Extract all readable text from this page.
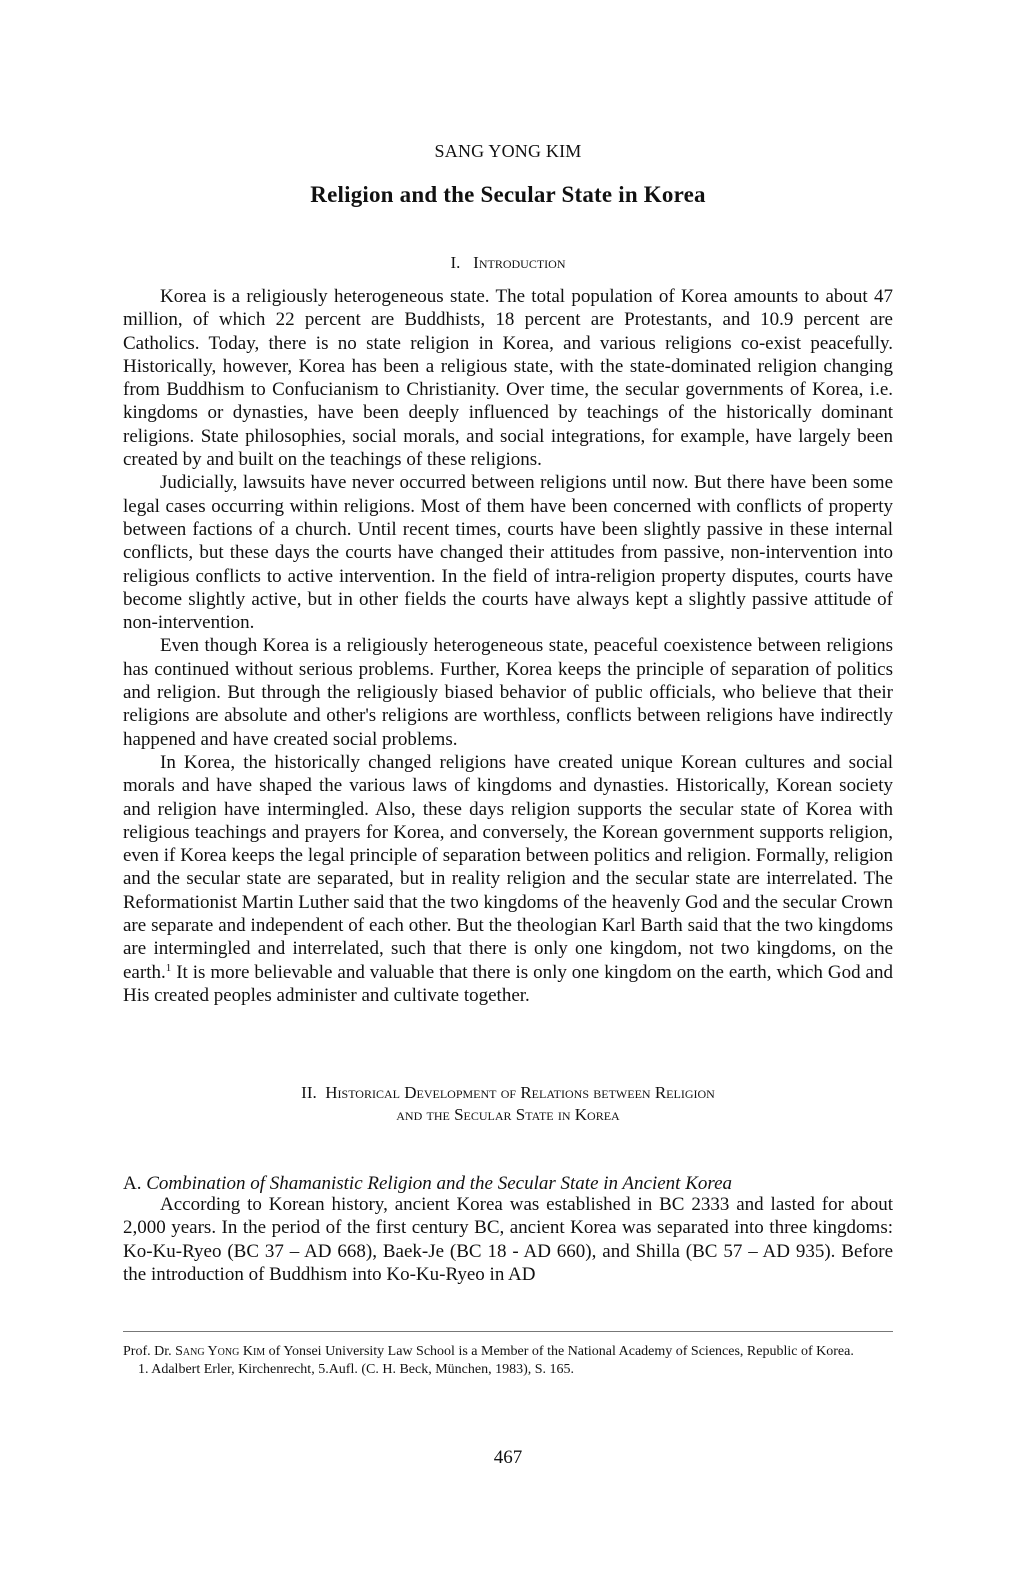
SANG YONG KIM
Religion and the Secular State in Korea
I. Introduction

Korea is a religiously heterogeneous state. The total population of Korea amounts to about 47 million, of which 22 percent are Buddhists, 18 percent are Protestants, and 10.9 percent are Catholics. Today, there is no state religion in Korea, and various religions co-exist peacefully. Historically, however, Korea has been a religious state, with the state-dominated religion changing from Buddhism to Confucianism to Christianity. Over time, the secular governments of Korea, i.e. kingdoms or dynasties, have been deeply influenced by teachings of the historically dominant religions. State philosophies, social morals, and social integrations, for example, have largely been created by and built on the teachings of these religions.

Judicially, lawsuits have never occurred between religions until now. But there have been some legal cases occurring within religions. Most of them have been concerned with conflicts of property between factions of a church. Until recent times, courts have been slightly passive in these internal conflicts, but these days the courts have changed their attitudes from passive, non-intervention into religious conflicts to active intervention. In the field of intra-religion property disputes, courts have become slightly active, but in other fields the courts have always kept a slightly passive attitude of non-intervention.

Even though Korea is a religiously heterogeneous state, peaceful coexistence between religions has continued without serious problems. Further, Korea keeps the principle of separation of politics and religion. But through the religiously biased behavior of public officials, who believe that their religions are absolute and other's religions are worthless, conflicts between religions have indirectly happened and have created social problems.

In Korea, the historically changed religions have created unique Korean cultures and social morals and have shaped the various laws of kingdoms and dynasties. Historically, Korean society and religion have intermingled. Also, these days religion supports the secular state of Korea with religious teachings and prayers for Korea, and conversely, the Korean government supports religion, even if Korea keeps the legal principle of separation between politics and religion. Formally, religion and the secular state are separated, but in reality religion and the secular state are interrelated. The Reformationist Martin Luther said that the two kingdoms of the heavenly God and the secular Crown are separate and independent of each other. But the theologian Karl Barth said that the two kingdoms are intermingled and interrelated, such that there is only one kingdom, not two kingdoms, on the earth.$^1$ It is more believable and valuable that there is only one kingdom on the earth, which God and His created peoples administer and cultivate together.

II. Historical Development of Relations between Religion
and the Secular State in Korea
A. Combination of Shamanistic Religion and the Secular State in Ancient Korea

According to Korean history, ancient Korea was established in BC 2333 and lasted for about 2,000 years. In the period of the first century BC, ancient Korea was separated into three kingdoms: Ko-Ku-Ryeo (BC 37 – AD 668), Baek-Je (BC 18 - AD 660), and Shilla (BC 57 – AD 935). Before the introduction of Buddhism into Ko-Ku-Ryeo in AD

Prof. Dr. Sang Yong Kim of Yonsei University Law School is a Member of the National Academy of Sciences, Republic of Korea.

1. Adalbert Erler, Kirchenrecht, 5.Aufl. (C. H. Beck, München, 1983), S. 165.

467
